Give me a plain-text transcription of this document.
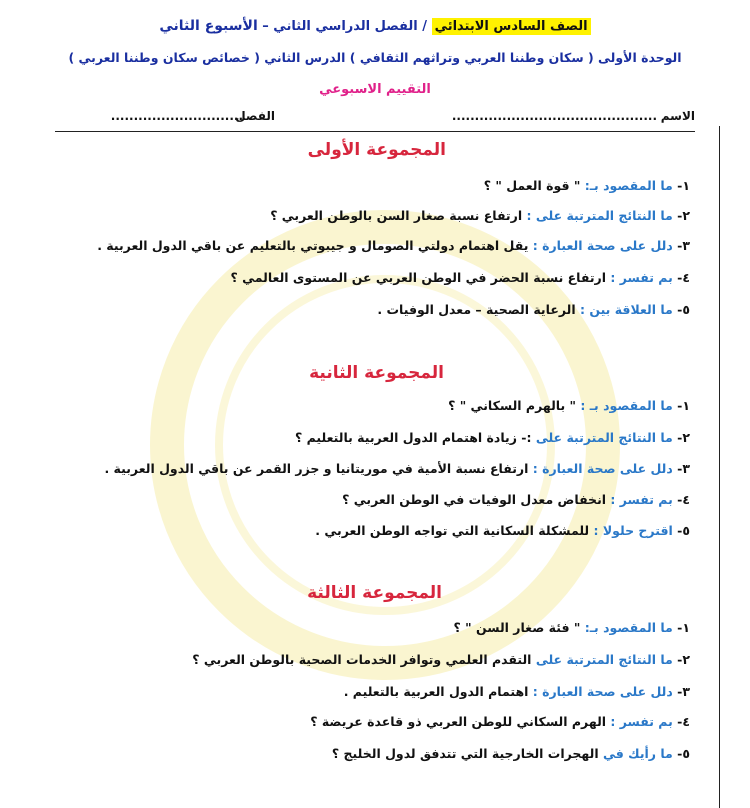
الصف السادس الابتدائي / الفصل الدراسي الثاني – الأسبوع الثاني
الوحدة الأولى ( سكان وطننا العربي وتراثهم الثقافي ) الدرس الثاني ( خصائص سكان وطننا العربي )
التقييم الاسبوعي
الاسم
.............................................
الفصل
.............................
المجموعة الأولى
١- ما المقصود بـ: " قوة العمل " ؟
٢- ما النتائج المترتبة على : ارتفاع نسبة صغار السن بالوطن العربي ؟
٣- دلل على صحة العبارة : يقل اهتمام دولتي الصومال و جيبوتي بالتعليم عن باقي الدول العربية .
٤- بم تفسر : ارتفاع نسبة الحضر في الوطن العربي عن المستوى العالمي ؟
٥- ما العلاقة بين : الرعاية الصحية – معدل الوفيات .
المجموعة الثانية
١- ما المقصود بـ : " بالهرم السكاني " ؟
٢- ما النتائج المترتبة على :- زيادة اهتمام الدول العربية بالتعليم ؟
٣- دلل على صحة العبارة : ارتفاع نسبة الأمية في موريتانيا و جزر القمر عن باقي الدول العربية .
٤- بم تفسر : انخفاض معدل الوفيات في الوطن العربي ؟
٥- اقترح حلولا : للمشكلة السكانية التي تواجه الوطن العربي .
المجموعة الثالثة
١- ما المقصود بـ: " فئة صغار السن " ؟
٢- ما النتائج المترتبة على التقدم العلمي وتوافر الخدمات الصحية بالوطن العربي ؟
٣- دلل على صحة العبارة : اهتمام الدول العربية بالتعليم .
٤- بم تفسر : الهرم السكاني للوطن العربي ذو قاعدة عريضة ؟
٥- ما رأيك في الهجرات الخارجية التي تتدفق لدول الخليج ؟
